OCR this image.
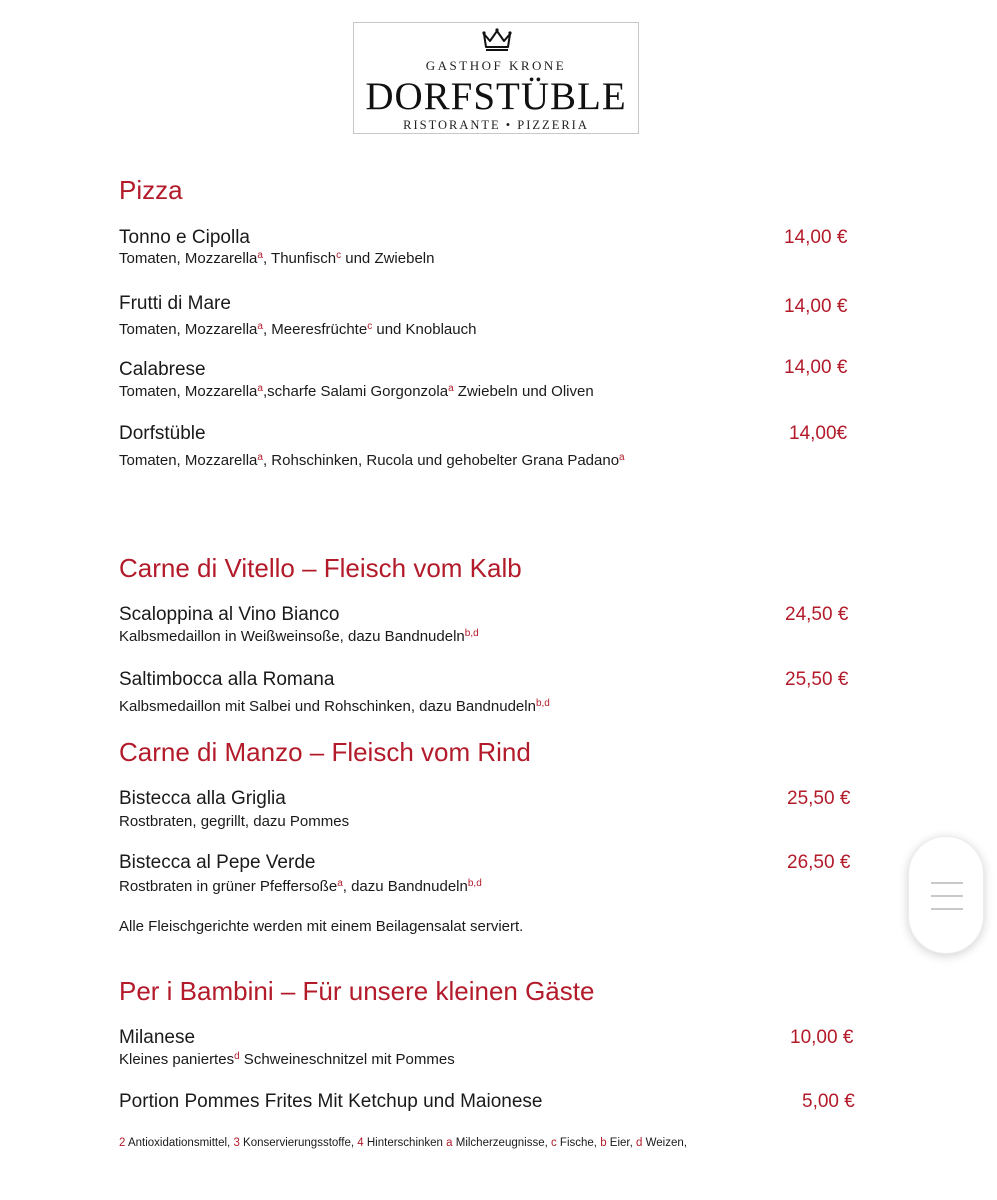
GASTHOF KRONE
DORFSTÜBLE
RISTORANTE • PIZZERIA
Pizza
Tonno e Cipolla	14,00 €
Tomaten, Mozzarella$^a$, Thunfisch$^c$ und Zwiebeln
Frutti di Mare	14,00 €
Tomaten, Mozzarella$^a$, Meeresfrüchte$^c$ und Knoblauch
Calabrese	14,00 €
Tomaten, Mozzarella$^a$,scharfe Salami Gorgonzola$^a$ Zwiebeln und Oliven
Dorfstüble	14,00€
Tomaten, Mozzarella$^a$, Rohschinken, Rucola und gehobelter Grana Padano$^a$
Carne di Vitello – Fleisch vom Kalb
Scaloppina al Vino Bianco	24,50 €
Kalbsmedaillon in Weißweinsoße, dazu Bandnudeln$^{b,d}$
Saltimbocca alla Romana	25,50 €
Kalbsmedaillon mit Salbei und Rohschinken, dazu Bandnudeln$^{b,d}$
Carne di Manzo – Fleisch vom Rind
Bistecca alla Griglia	25,50 €
Rostbraten, gegrillt, dazu Pommes
Bistecca al Pepe Verde	26,50 €
Rostbraten in grüner Pfeffersoße$^a$, dazu Bandnudeln$^{b,d}$
Alle Fleischgerichte werden mit einem Beilagensalat serviert.
Per i Bambini – Für unsere kleinen Gäste
Milanese	10,00 €
Kleines paniertes$^d$ Schweineschnitzel mit Pommes
Portion Pommes Frites Mit Ketchup und Maionese	5,00 €
2 Antioxidationsmittel, 3 Konservierungsstoffe, 4 Hinterschinken a Milcherzeugnisse, c Fische, b Eier, d Weizen,
